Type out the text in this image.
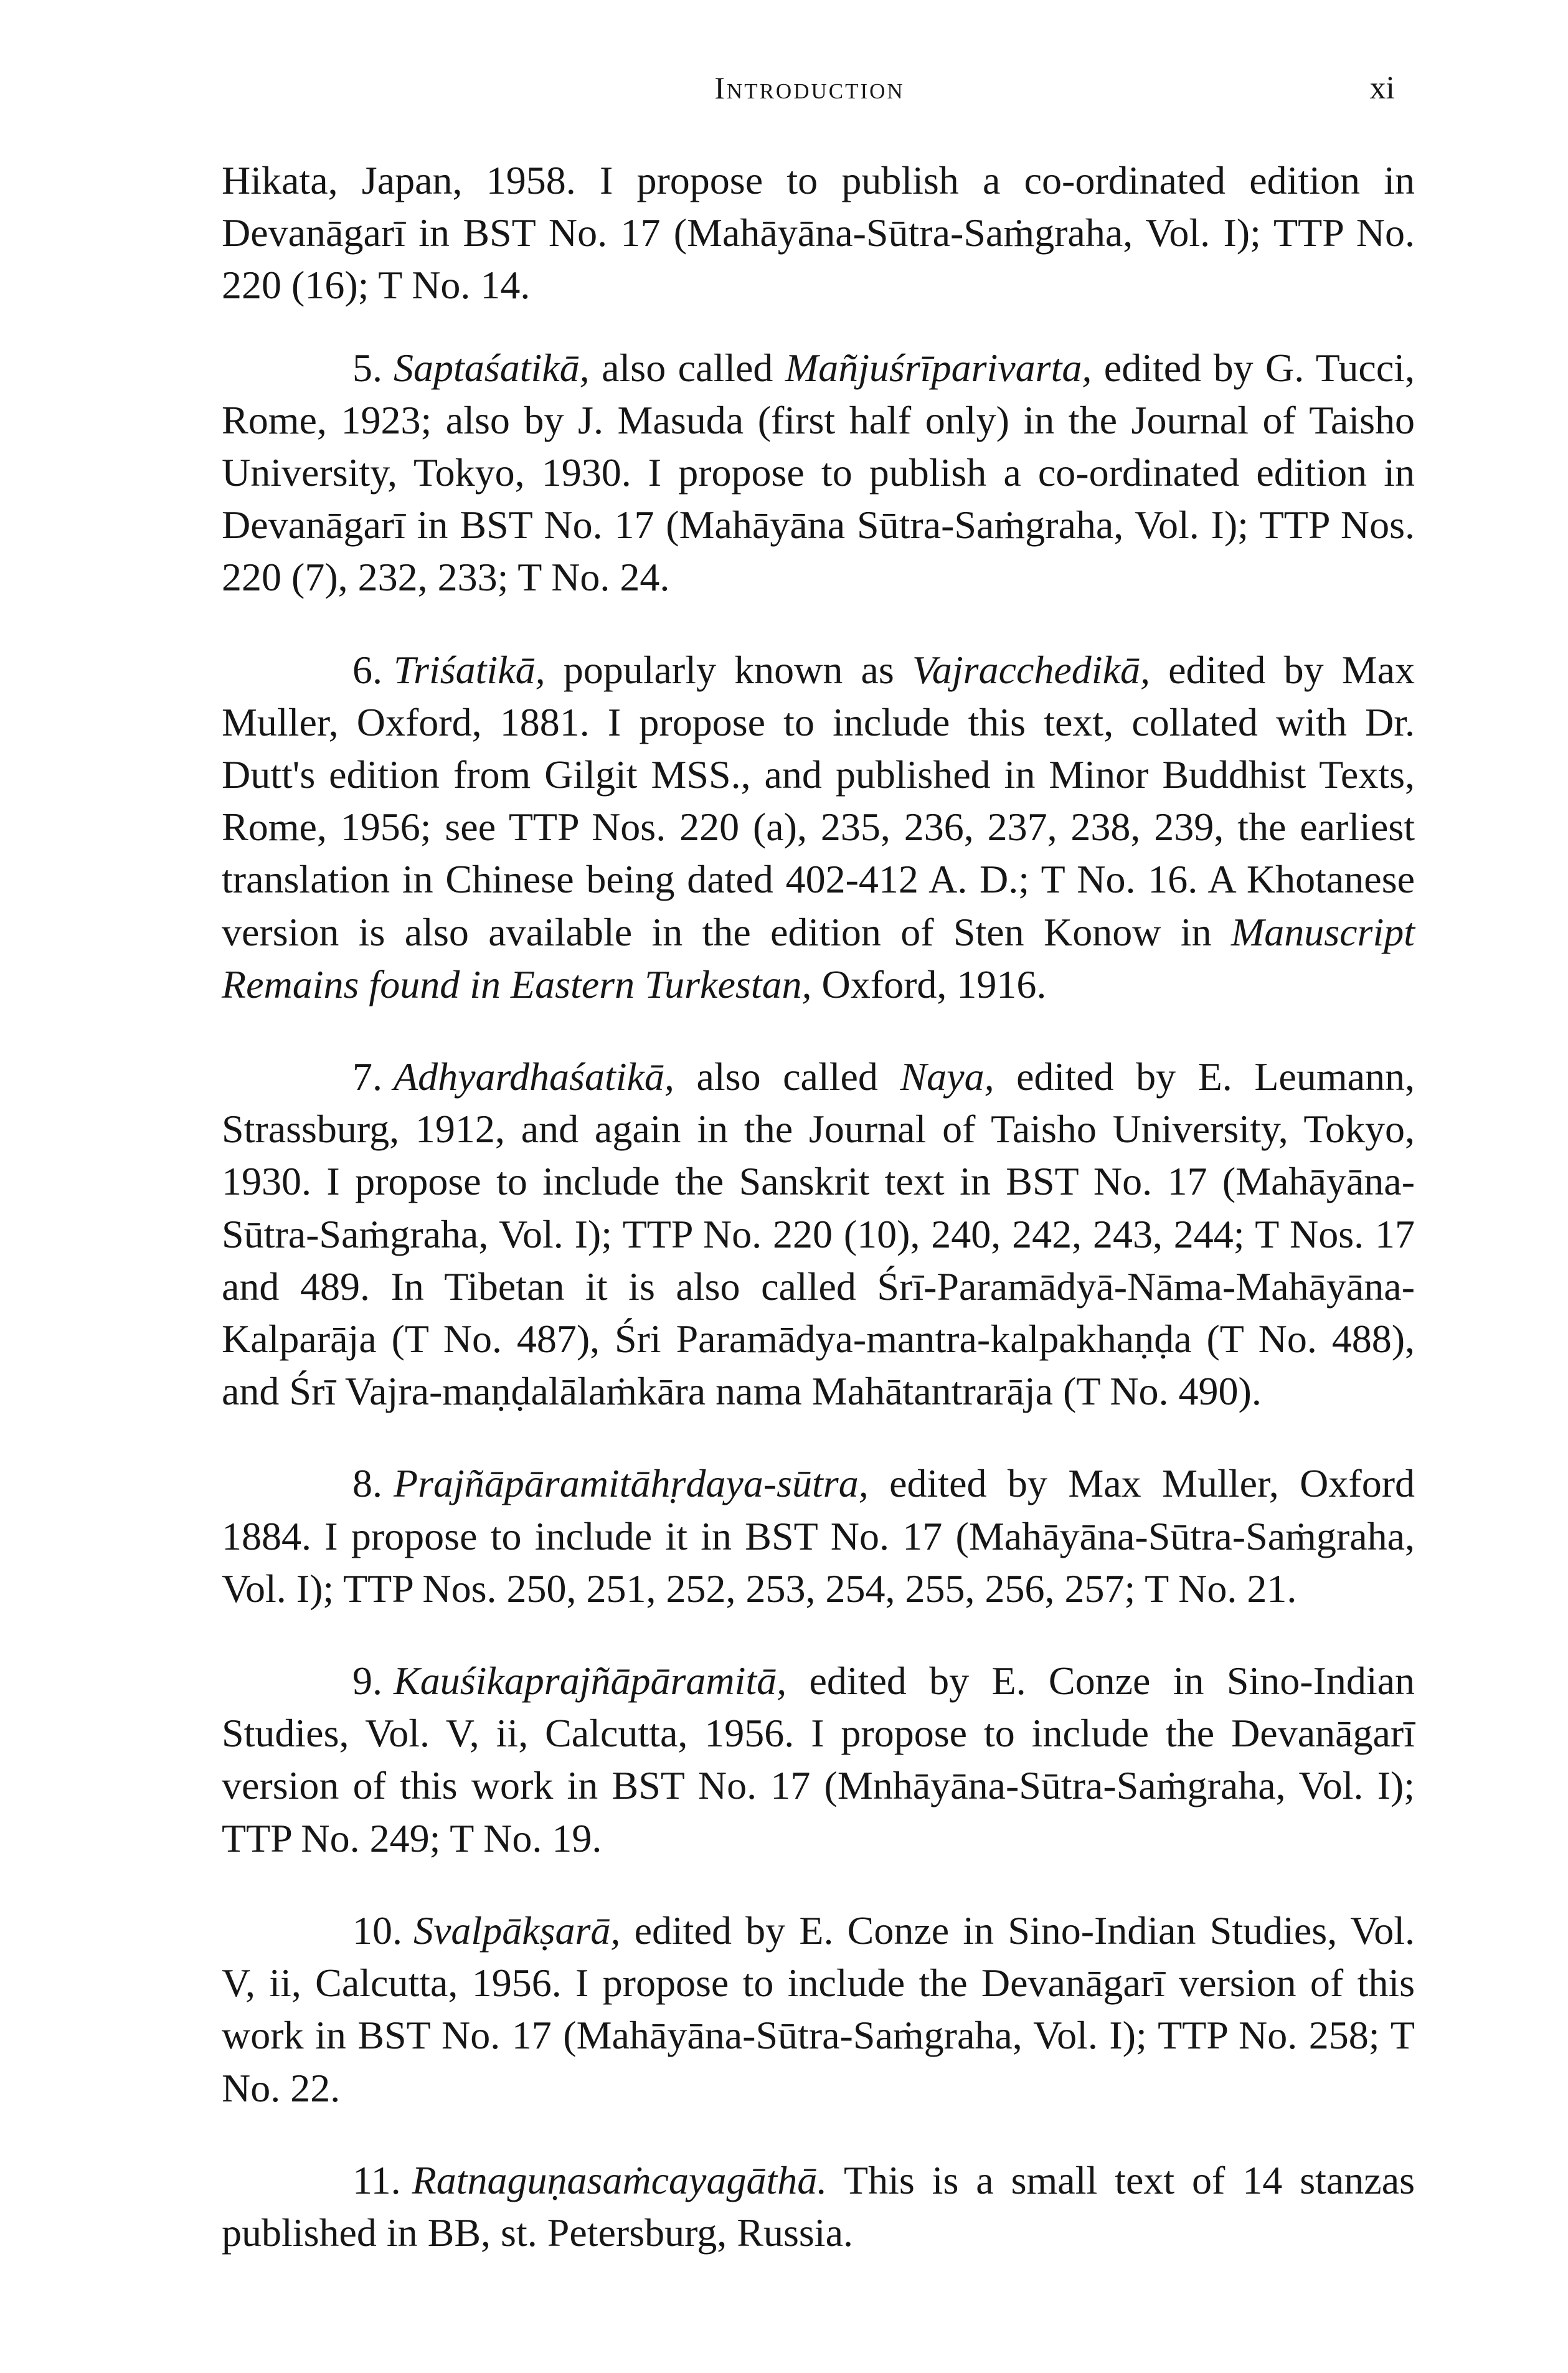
Introduction	xi

Hikata, Japan, 1958. I propose to publish a co-ordinated edition in Devanāgarī in BST No. 17 (Mahāyāna-Sūtra-Saṁgraha, Vol. I); TTP No. 220 (16); T No. 14.

5. Saptaśatikā, also called Mañjuśrīparivarta, edited by G. Tucci, Rome, 1923; also by J. Masuda (first half only) in the Journal of Taisho University, Tokyo, 1930. I propose to publish a co-ordinated edition in Devanāgarī in BST No. 17 (Mahāyāna Sūtra-Saṁgraha, Vol. I); TTP Nos. 220 (7), 232, 233; T No. 24.

6. Triśatikā, popularly known as Vajracchedikā, edited by Max Muller, Oxford, 1881. I propose to include this text, collated with Dr. Dutt's edition from Gilgit MSS., and published in Minor Buddhist Texts, Rome, 1956; see TTP Nos. 220 (a), 235, 236, 237, 238, 239, the earliest translation in Chinese being dated 402-412 A. D.; T No. 16. A Khotanese version is also available in the edition of Sten Konow in Manuscript Remains found in Eastern Turkestan, Oxford, 1916.

7. Adhyardhaśatikā, also called Naya, edited by E. Leumann, Strassburg, 1912, and again in the Journal of Taisho University, Tokyo, 1930. I propose to include the Sanskrit text in BST No. 17 (Mahāyāna-Sūtra-Saṁgraha, Vol. I); TTP No. 220 (10), 240, 242, 243, 244; T Nos. 17 and 489. In Tibetan it is also called Śrī-Paramādyā-Nāma-Mahāyāna-Kalparāja (T No. 487), Śri Paramādya-mantra-kalpakhaṇḍa (T No. 488), and Śrī Vajra-maṇḍalālaṁkāra nama Mahātantrarāja (T No. 490).

8. Prajñāpāramitāhṛdaya-sūtra, edited by Max Muller, Oxford 1884. I propose to include it in BST No. 17 (Mahāyāna-Sūtra-Saṁgraha, Vol. I); TTP Nos. 250, 251, 252, 253, 254, 255, 256, 257; T No. 21.

9. Kauśikaprajñāpāramitā, edited by E. Conze in Sino-Indian Studies, Vol. V, ii, Calcutta, 1956. I propose to include the Devanāgarī version of this work in BST No. 17 (Mnhāyāna-Sūtra-Saṁgraha, Vol. I); TTP No. 249; T No. 19.

10. Svalpākṣarā, edited by E. Conze in Sino-Indian Studies, Vol. V, ii, Calcutta, 1956. I propose to include the Devanāgarī version of this work in BST No. 17 (Mahāyāna-Sūtra-Saṁgraha, Vol. I); TTP No. 258; T No. 22.

11. Ratnaguṇasaṁcayagāthā. This is a small text of 14 stanzas published in BB, st. Petersburg, Russia.
